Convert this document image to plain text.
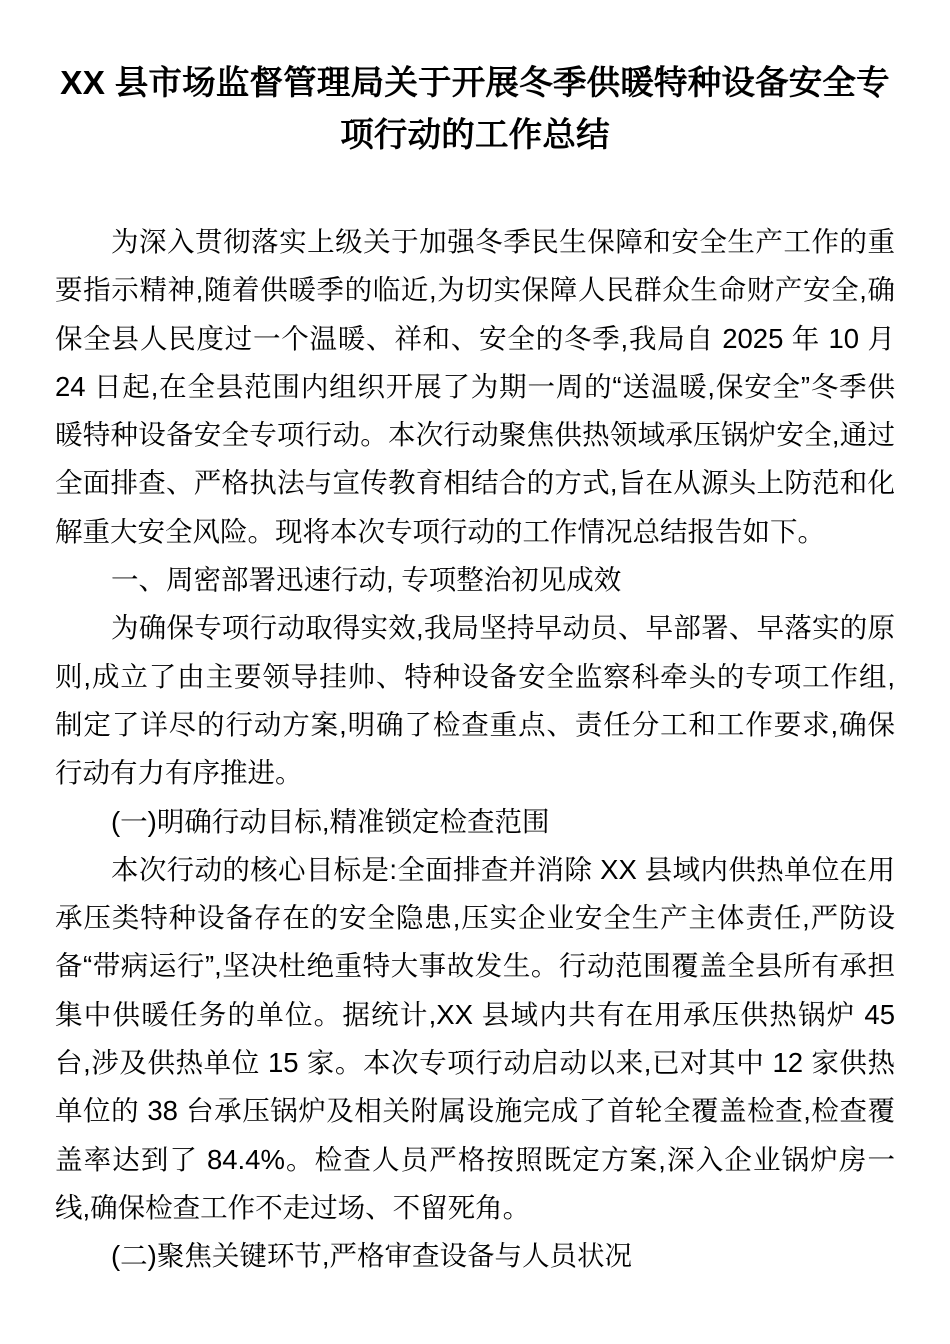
XX 县市场监督管理局关于开展冬季供暖特种设备安全专项行动的工作总结

为深入贯彻落实上级关于加强冬季民生保障和安全生产工作的重要指示精神,随着供暖季的临近,为切实保障人民群众生命财产安全,确保全县人民度过一个温暖、祥和、安全的冬季,我局自 2025 年 10 月 24 日起,在全县范围内组织开展了为期一周的“送温暖,保安全”冬季供暖特种设备安全专项行动。本次行动聚焦供热领域承压锅炉安全,通过全面排查、严格执法与宣传教育相结合的方式,旨在从源头上防范和化解重大安全风险。现将本次专项行动的工作情况总结报告如下。

一、周密部署迅速行动, 专项整治初见成效

为确保专项行动取得实效,我局坚持早动员、早部署、早落实的原则,成立了由主要领导挂帅、特种设备安全监察科牵头的专项工作组,制定了详尽的行动方案,明确了检查重点、责任分工和工作要求,确保行动有力有序推进。

(一)明确行动目标,精准锁定检查范围

本次行动的核心目标是:全面排查并消除 XX 县域内供热单位在用承压类特种设备存在的安全隐患,压实企业安全生产主体责任,严防设备“带病运行”,坚决杜绝重特大事故发生。行动范围覆盖全县所有承担集中供暖任务的单位。据统计,XX 县域内共有在用承压供热锅炉 45 台,涉及供热单位 15 家。本次专项行动启动以来,已对其中 12 家供热单位的 38 台承压锅炉及相关附属设施完成了首轮全覆盖检查,检查覆盖率达到了 84.4%。检查人员严格按照既定方案,深入企业锅炉房一线,确保检查工作不走过场、不留死角。

(二)聚焦关键环节,严格审查设备与人员状况
